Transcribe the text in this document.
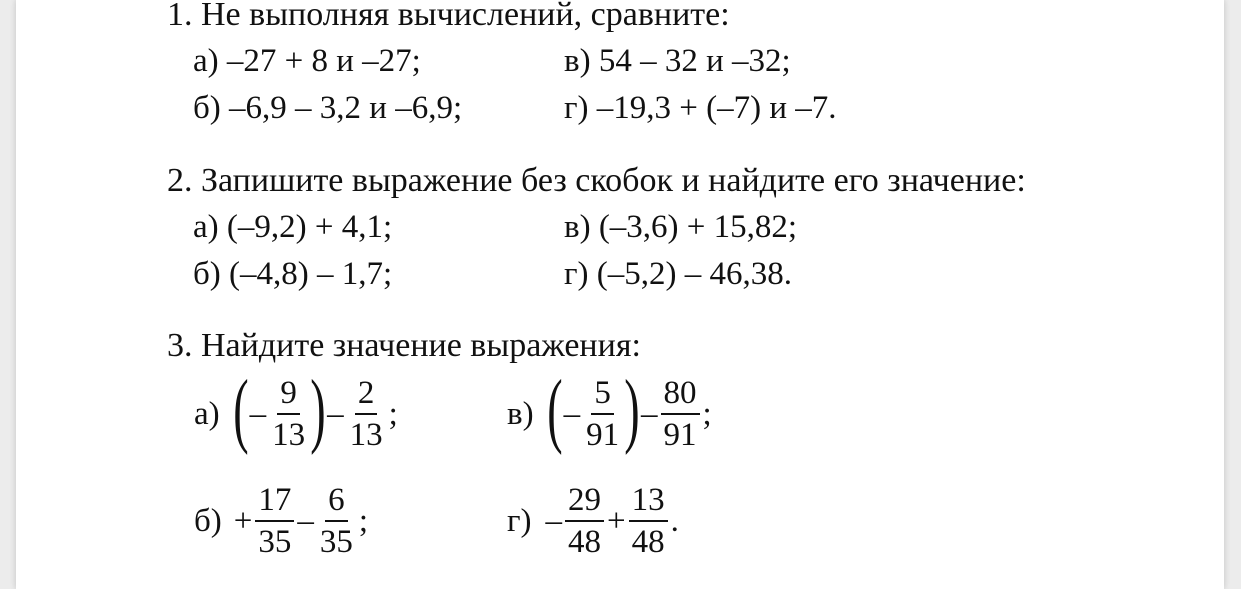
1. Не выполняя вычислений, сравните:
а) –27 + 8 и –27;	в) 54 – 32 и –32;
б) –6,9 – 3,2 и –6,9;	г) –19,3 + (–7) и –7.
2. Запишите выражение без скобок и найдите его значение:
а) (–9,2) + 4,1;	в) (–3,6) + 15,82;
б) (–4,8) – 1,7;	г) (–5,2) – 46,38.
3. Найдите значение выражения:
а) ( – $\frac{9}{13}$ ) – $\frac{2}{13}$ ;	в) ( – $\frac{5}{91}$ ) – $\frac{80}{91}$ ;
$б) + \frac{17}{35} - \frac{6}{35}$ ;	$г) - \frac{29}{48} + \frac{13}{48}$ .
